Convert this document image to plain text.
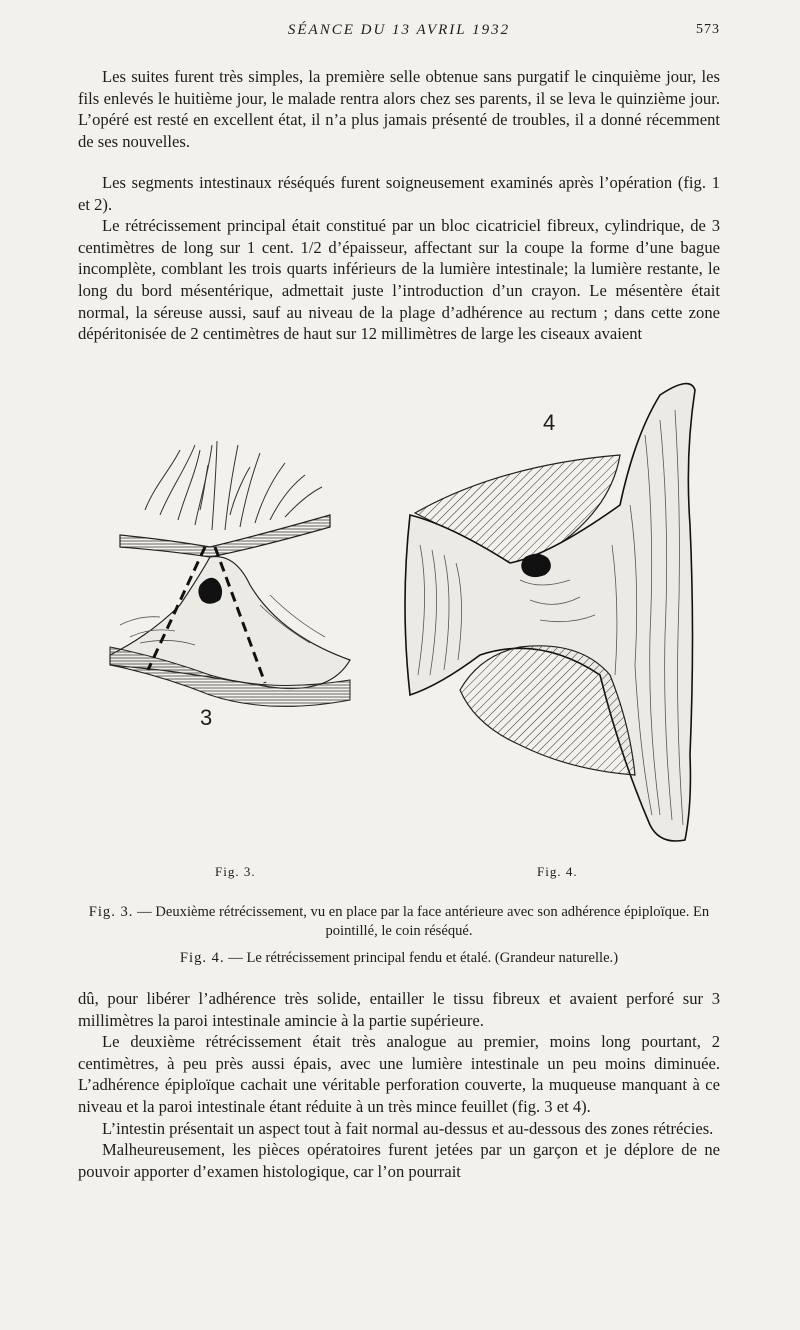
SÉANCE DU 13 AVRIL 1932	573

Les suites furent très simples, la première selle obtenue sans purgatif le cinquième jour, les fils enlevés le huitième jour, le malade rentra alors chez ses parents, il se leva le quinzième jour. L’opéré est resté en excellent état, il n’a plus jamais présenté de troubles, il a donné récemment de ses nouvelles.

Les segments intestinaux réséqués furent soigneusement examinés après l’opération (fig. 1 et 2).

Le rétrécissement principal était constitué par un bloc cicatriciel fibreux, cylindrique, de 3 centimètres de long sur 1 cent. 1/2 d’épaisseur, affectant sur la coupe la forme d’une bague incomplète, comblant les trois quarts inférieurs de la lumière intestinale; la lumière restante, le long du bord mésentérique, admettait juste l’introduction d’un crayon. Le mésentère était normal, la séreuse aussi, sauf au niveau de la plage d’adhérence au rectum ; dans cette zone dépéritonisée de 2 centimètres de haut sur 12 millimètres de large les ciseaux avaient

3
4
Fig. 3.	Fig. 4.
Fig. 3. — Deuxième rétrécissement, vu en place par la face antérieure avec son adhérence épiploïque. En pointillé, le coin réséqué.
Fig. 4. — Le rétrécissement principal fendu et étalé. (Grandeur naturelle.)

dû, pour libérer l’adhérence très solide, entailler le tissu fibreux et avaient perforé sur 3 millimètres la paroi intestinale amincie à la partie supérieure.

Le deuxième rétrécissement était très analogue au premier, moins long pourtant, 2 centimètres, à peu près aussi épais, avec une lumière intestinale un peu moins diminuée. L’adhérence épiploïque cachait une véritable perforation couverte, la muqueuse manquant à ce niveau et la paroi intestinale étant réduite à un très mince feuillet (fig. 3 et 4).

L’intestin présentait un aspect tout à fait normal au-dessus et au-dessous des zones rétrécies.

Malheureusement, les pièces opératoires furent jetées par un garçon et je déplore de ne pouvoir apporter d’examen histologique, car l’on pourrait
